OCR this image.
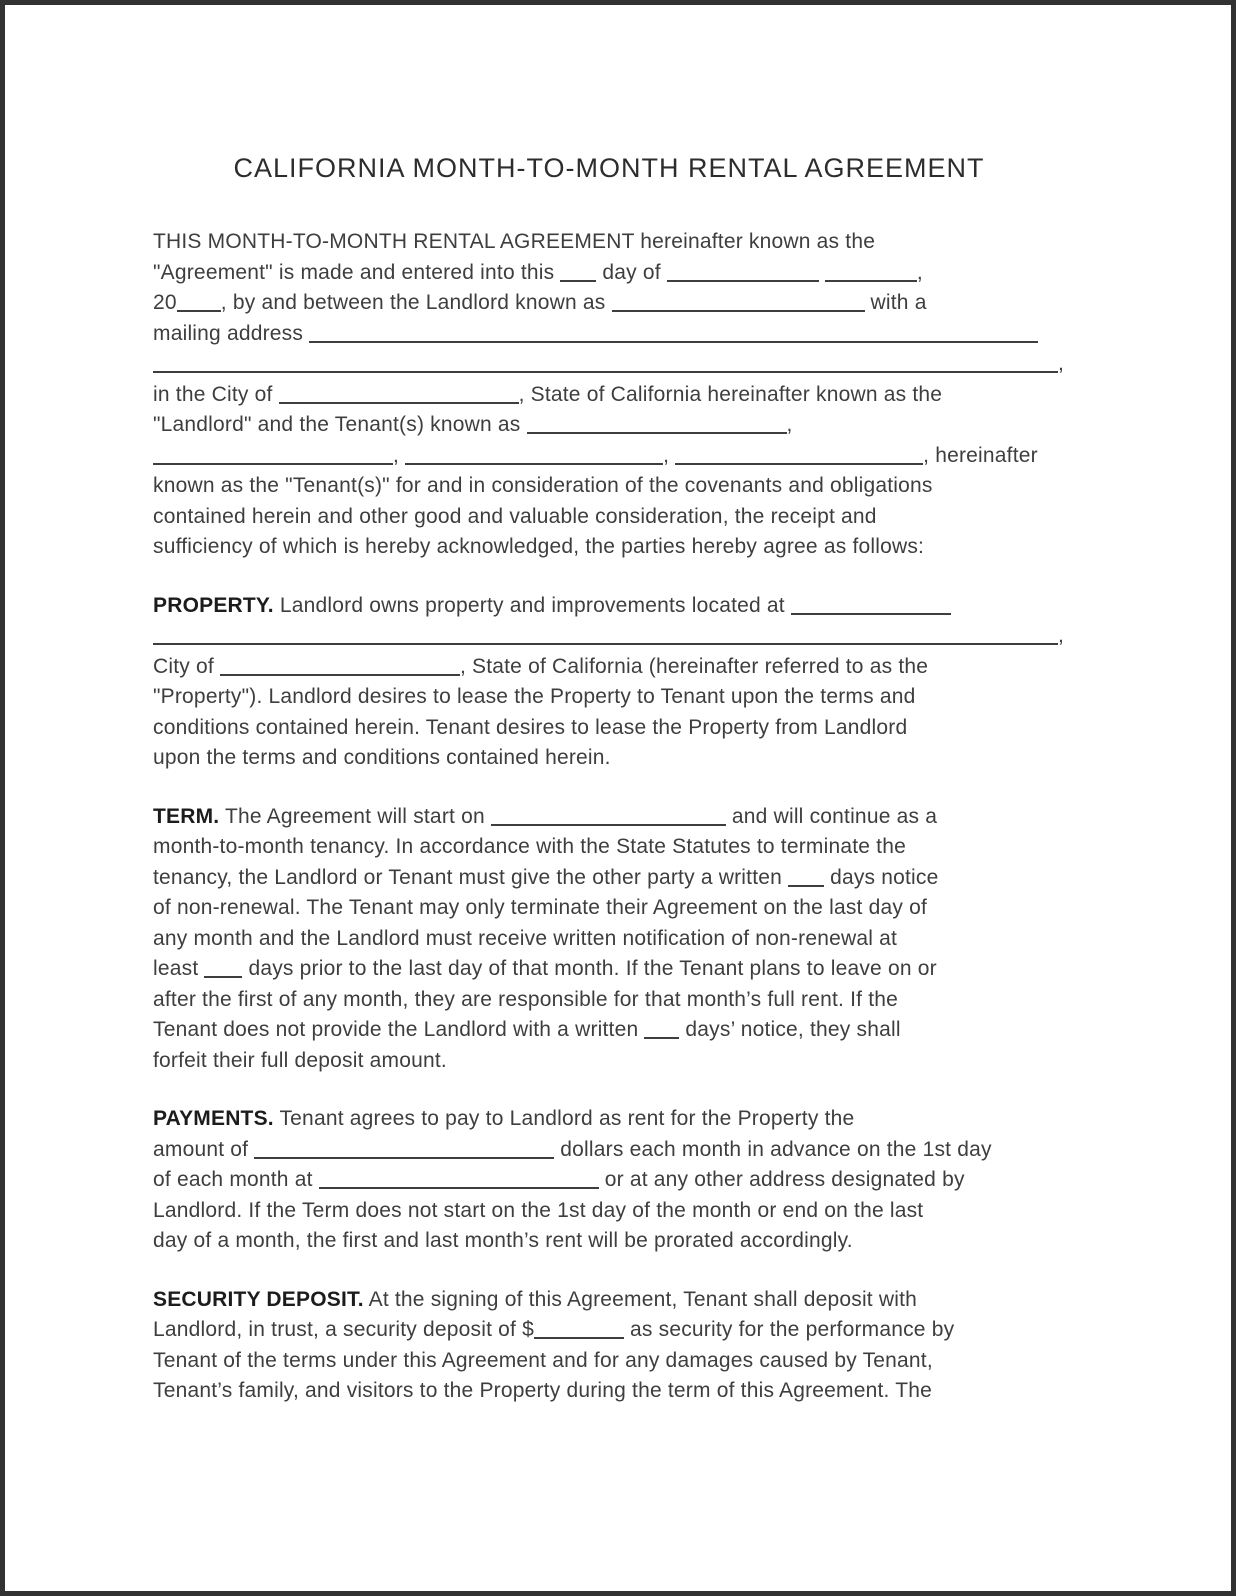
CALIFORNIA MONTH-TO-MONTH RENTAL AGREEMENT
THIS MONTH-TO-MONTH RENTAL AGREEMENT hereinafter known as the
"Agreement" is made and entered into this  day of	,
20 , by and between the Landlord known as	with a
mailing address
,
in the City of	, State of California hereinafter known as the
"Landlord" and the Tenant(s) known as	,
,	,	, hereinafter
known as the "Tenant(s)" for and in consideration of the covenants and obligations
contained herein and other good and valuable consideration, the receipt and
sufficiency of which is hereby acknowledged, the parties hereby agree as follows:
PROPERTY. Landlord owns property and improvements located at
,
City of	, State of California (hereinafter referred to as the
"Property"). Landlord desires to lease the Property to Tenant upon the terms and
conditions contained herein. Tenant desires to lease the Property from Landlord
upon the terms and conditions contained herein.
TERM. The Agreement will start on	and will continue as a
month-to-month tenancy. In accordance with the State Statutes to terminate the
tenancy, the Landlord or Tenant must give the other party a written  days notice
of non-renewal. The Tenant may only terminate their Agreement on the last day of
any month and the Landlord must receive written notification of non-renewal at
least  days prior to the last day of that month. If the Tenant plans to leave on or
after the first of any month, they are responsible for that month’s full rent. If the
Tenant does not provide the Landlord with a written  days’ notice, they shall
forfeit their full deposit amount.
PAYMENTS. Tenant agrees to pay to Landlord as rent for the Property the
amount of	dollars each month in advance on the 1st day
of each month at	or at any other address designated by
Landlord. If the Term does not start on the 1st day of the month or end on the last
day of a month, the first and last month’s rent will be prorated accordingly.
SECURITY DEPOSIT. At the signing of this Agreement, Tenant shall deposit with
Landlord, in trust, a security deposit of $	as security for the performance by
Tenant of the terms under this Agreement and for any damages caused by Tenant,
Tenant’s family, and visitors to the Property during the term of this Agreement. The
